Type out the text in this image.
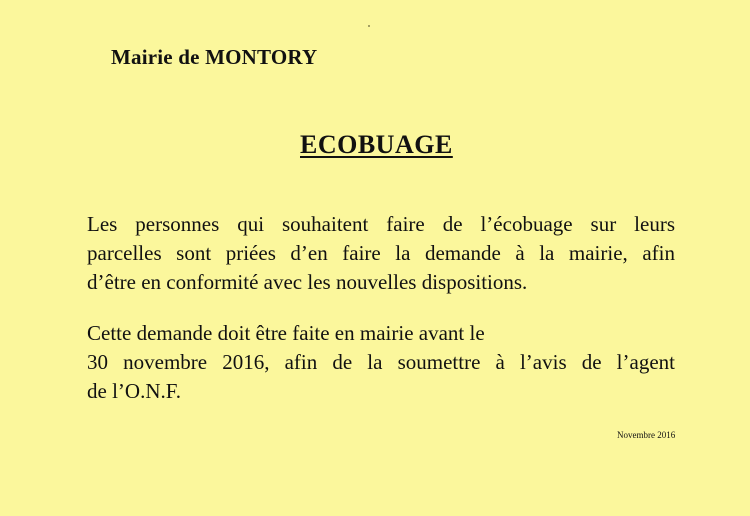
Mairie de MONTORY
ECOBUAGE
Les personnes qui souhaitent faire de l’écobuage sur leurs
parcelles sont priées d’en faire la demande à la mairie, afin
d’être en conformité avec les nouvelles dispositions.
Cette demande doit être faite en mairie avant le
30 novembre 2016, afin de la soumettre à l’avis de l’agent
de l’O.N.F.
Novembre 2016
